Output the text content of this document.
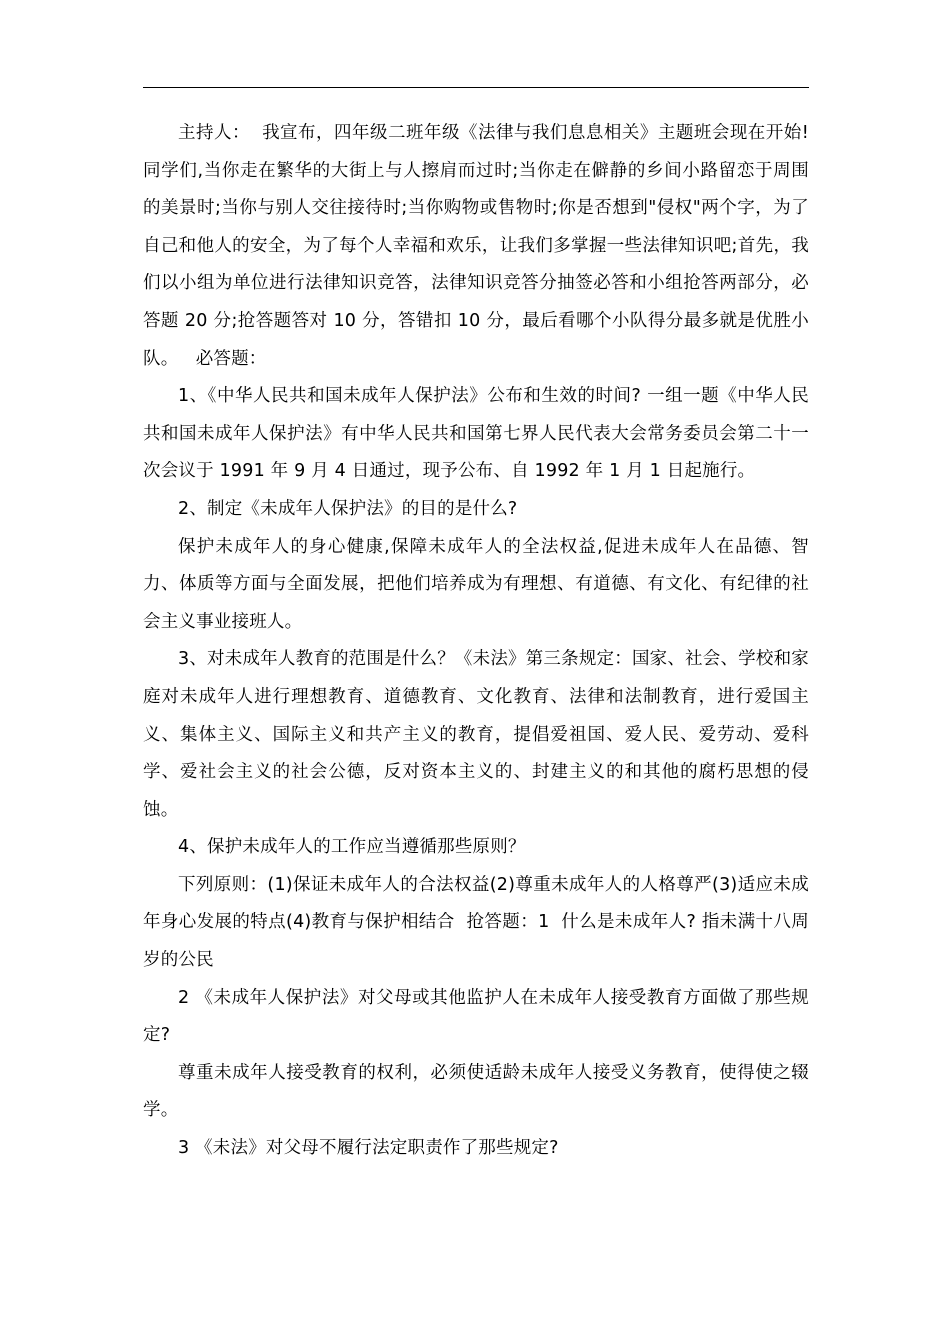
主持人：  我宣布，四年级二班年级《法律与我们息息相关》主题班会现在开始! 同学们,当你走在繁华的大街上与人擦肩而过时;当你走在僻静的乡间小路留恋于周围的美景时;当你与别人交往接待时;当你购物或售物时;你是否想到"侵权"两个字，为了自己和他人的安全，为了每个人幸福和欢乐，让我们多掌握一些法律知识吧;首先，我们以小组为单位进行法律知识竞答，法律知识竞答分抽签必答和小组抢答两部分，必答题 20 分;抢答题答对 10 分，答错扣 10 分，最后看哪个小队得分最多就是优胜小队。   必答题：

1、《中华人民共和国未成年人保护法》公布和生效的时间? 一组一题《中华人民共和国未成年人保护法》有中华人民共和国第七界人民代表大会常务委员会第二十一次会议于 1991 年 9 月 4 日通过，现予公布、自 1992 年 1 月 1 日起施行。

2、制定《未成年人保护法》的目的是什么?

保护未成年人的身心健康,保障未成年人的全法权益,促进未成年人在品德、智力、体质等方面与全面发展，把他们培养成为有理想、有道德、有文化、有纪律的社会主义事业接班人。

3、对未成年人教育的范围是什么？《未法》第三条规定：国家、社会、学校和家庭对未成年人进行理想教育、道德教育、文化教育、法律和法制教育，进行爱国主义、集体主义、国际主义和共产主义的教育，提倡爱祖国、爱人民、爱劳动、爱科学、爱社会主义的社会公德，反对资本主义的、封建主义的和其他的腐朽思想的侵蚀。

4、保护未成年人的工作应当遵循那些原则？

下列原则：(1)保证未成年人的合法权益(2)尊重未成年人的人格尊严(3)适应未成年身心发展的特点(4)教育与保护相结合  抢答题：1  什么是未成年人? 指未满十八周岁的公民

2 《未成年人保护法》对父母或其他监护人在未成年人接受教育方面做了那些规定?

尊重未成年人接受教育的权利，必须使适龄未成年人接受义务教育，使得使之辍学。

3 《未法》对父母不履行法定职责作了那些规定?
